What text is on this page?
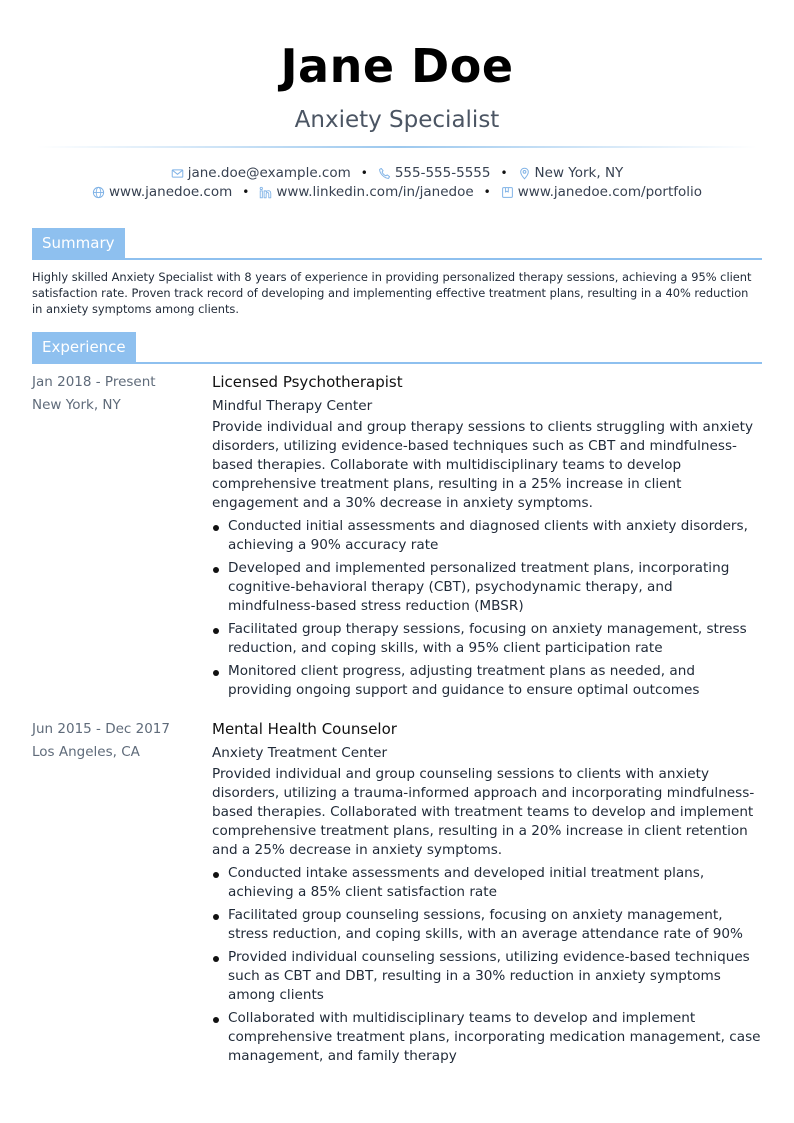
Jane Doe
Anxiety Specialist
jane.doe@example.com • 555-555-5555 • New York, NY
www.janedoe.com • www.linkedin.com/in/janedoe • www.janedoe.com/portfolio
Summary
Highly skilled Anxiety Specialist with 8 years of experience in providing personalized therapy sessions, achieving a 95% client satisfaction rate. Proven track record of developing and implementing effective treatment plans, resulting in a 40% reduction in anxiety symptoms among clients.
Experience
Jan 2018 - Present
New York, NY
Licensed Psychotherapist
Mindful Therapy Center
Provide individual and group therapy sessions to clients struggling with anxiety disorders, utilizing evidence-based techniques such as CBT and mindfulness-based therapies. Collaborate with multidisciplinary teams to develop comprehensive treatment plans, resulting in a 25% increase in client engagement and a 30% decrease in anxiety symptoms.
Conducted initial assessments and diagnosed clients with anxiety disorders, achieving a 90% accuracy rate
Developed and implemented personalized treatment plans, incorporating cognitive-behavioral therapy (CBT), psychodynamic therapy, and mindfulness-based stress reduction (MBSR)
Facilitated group therapy sessions, focusing on anxiety management, stress reduction, and coping skills, with a 95% client participation rate
Monitored client progress, adjusting treatment plans as needed, and providing ongoing support and guidance to ensure optimal outcomes
Jun 2015 - Dec 2017
Los Angeles, CA
Mental Health Counselor
Anxiety Treatment Center
Provided individual and group counseling sessions to clients with anxiety disorders, utilizing a trauma-informed approach and incorporating mindfulness-based therapies. Collaborated with treatment teams to develop and implement comprehensive treatment plans, resulting in a 20% increase in client retention and a 25% decrease in anxiety symptoms.
Conducted intake assessments and developed initial treatment plans, achieving a 85% client satisfaction rate
Facilitated group counseling sessions, focusing on anxiety management, stress reduction, and coping skills, with an average attendance rate of 90%
Provided individual counseling sessions, utilizing evidence-based techniques such as CBT and DBT, resulting in a 30% reduction in anxiety symptoms among clients
Collaborated with multidisciplinary teams to develop and implement comprehensive treatment plans, incorporating medication management, case management, and family therapy
